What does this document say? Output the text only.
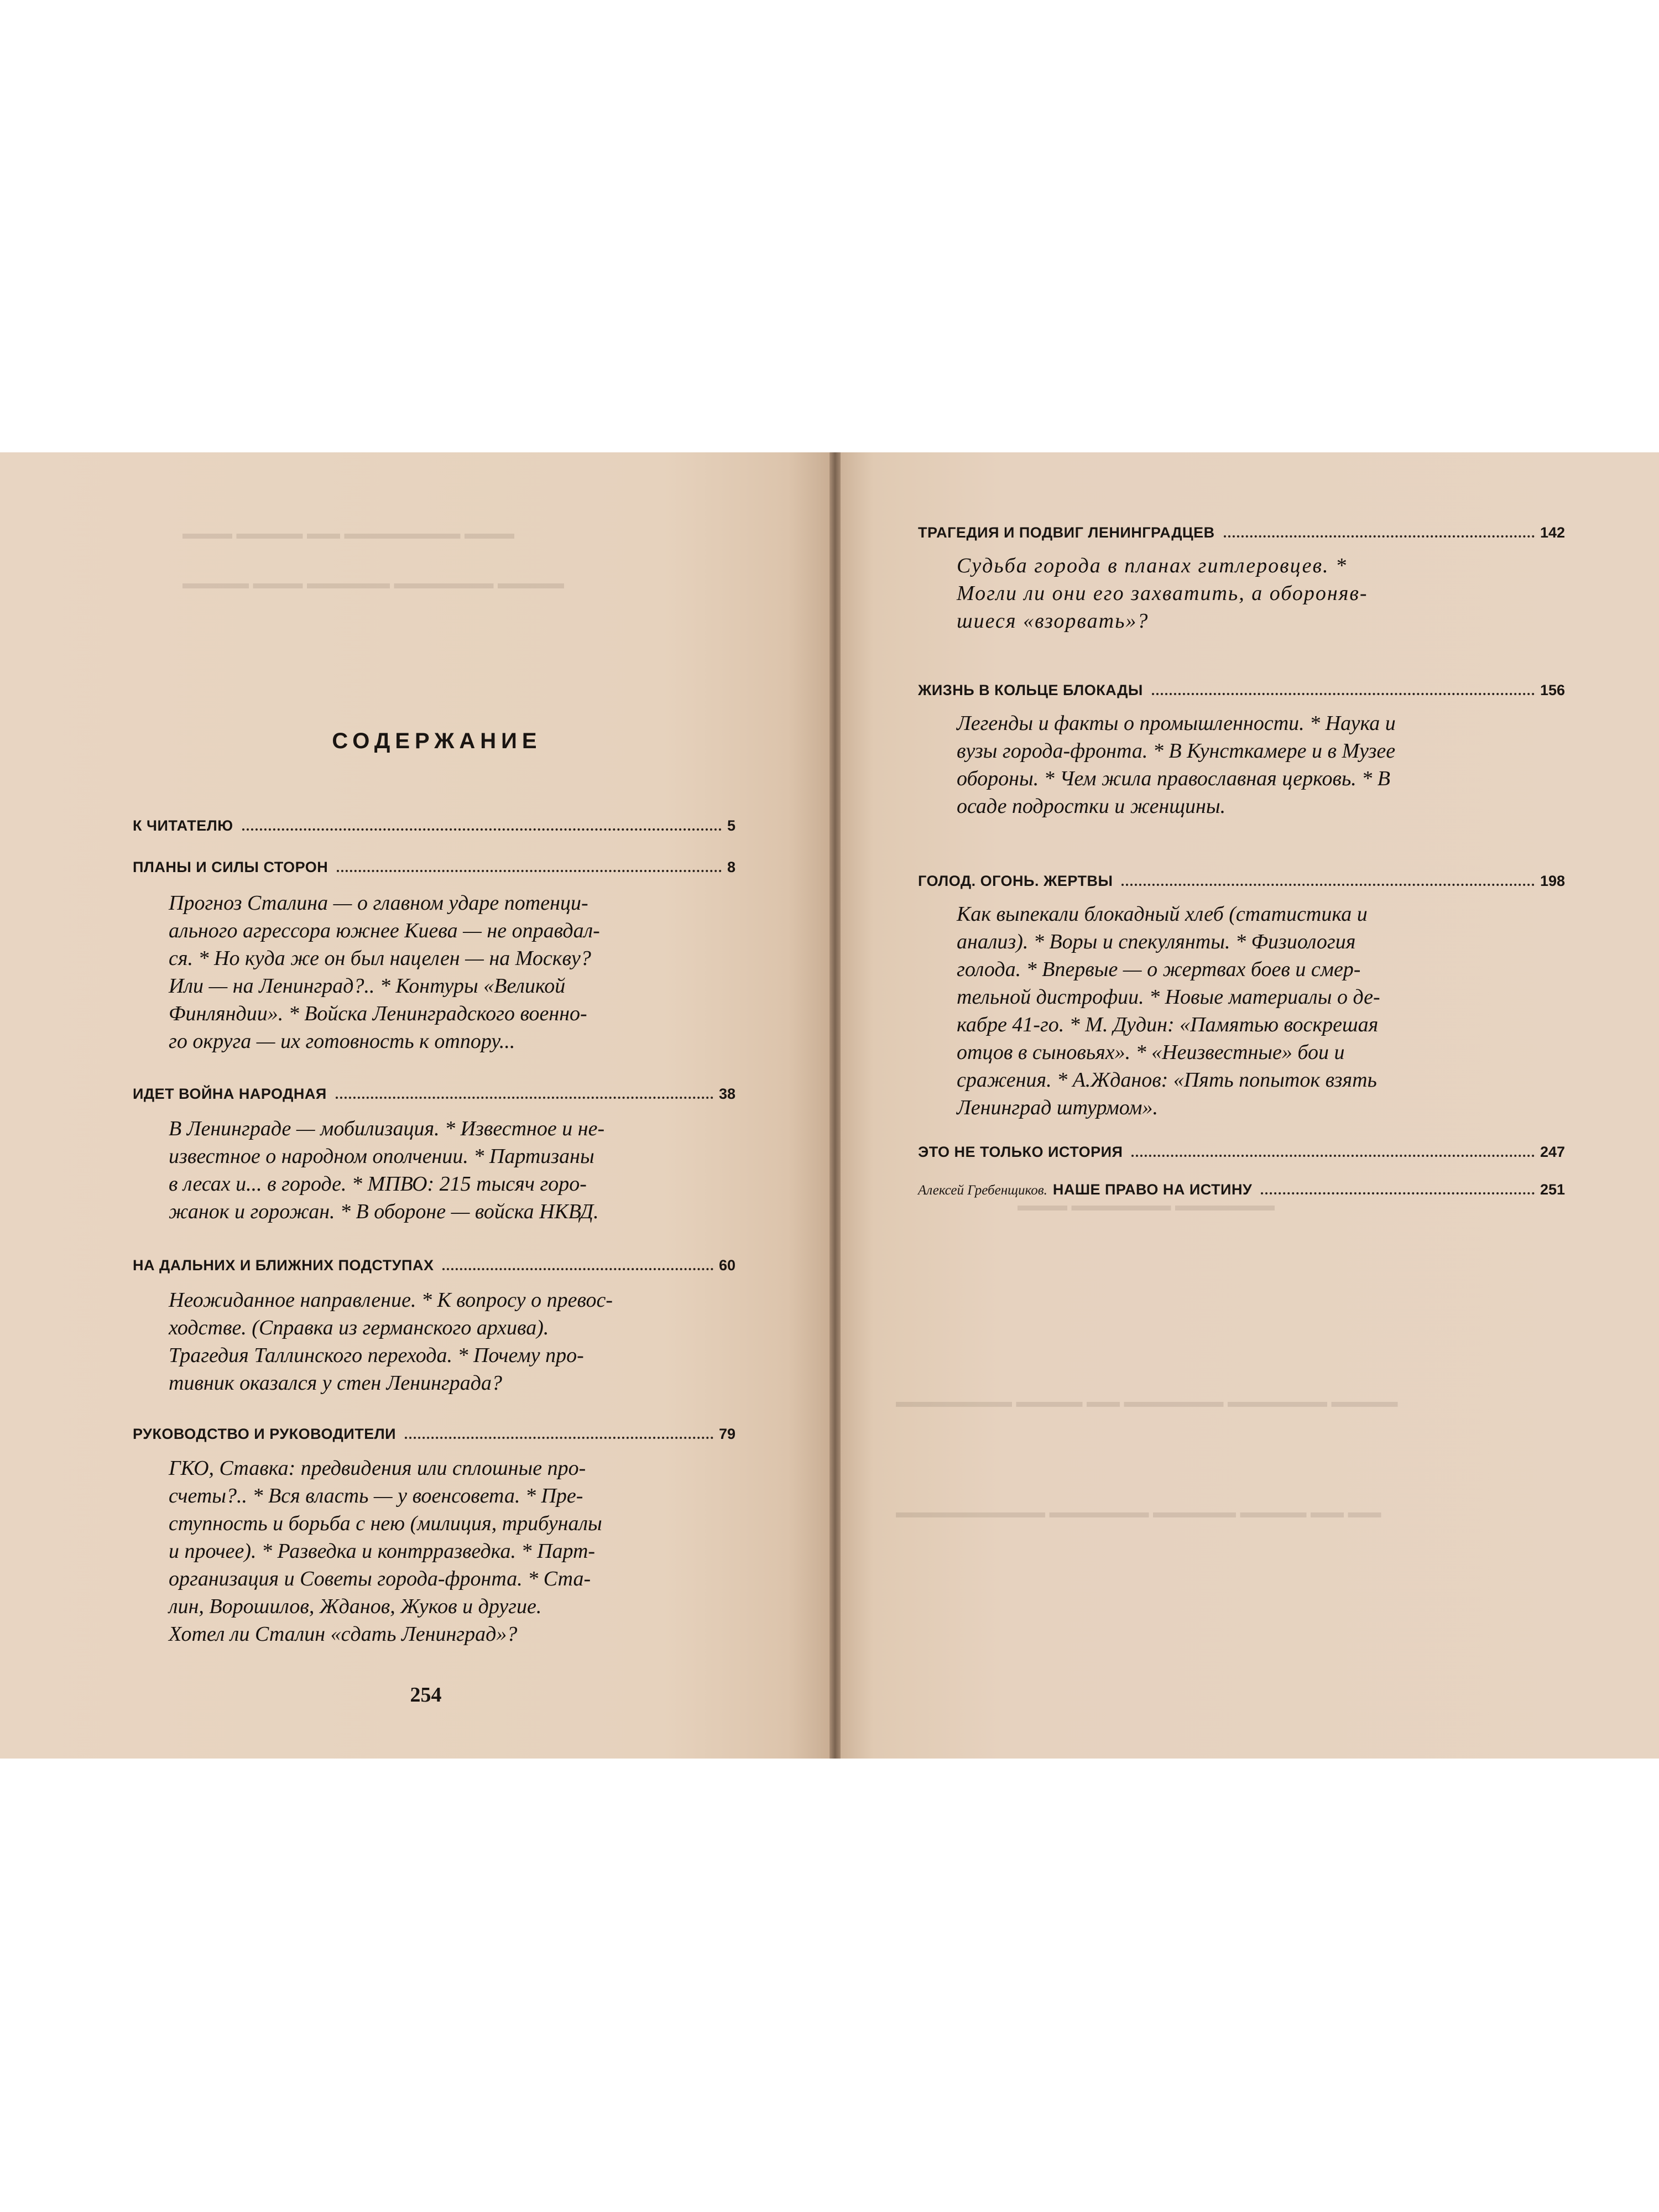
▬▬▬ ▬▬▬▬ ▬▬ ▬▬▬▬▬▬▬ ▬▬▬
▬▬▬▬ ▬▬▬ ▬▬▬▬▬ ▬▬▬▬▬▬ ▬▬▬▬
СОДЕРЖАНИЕ
К ЧИТАТЕЛЮ	5
ПЛАНЫ И СИЛЫ СТОРОН	8
Прогноз Сталина — о главном ударе потенци-
ального агрессора южнее Киева — не оправдал-
ся. * Но куда же он был нацелен — на Москву?
Или — на Ленинград?.. * Контуры «Великой
Финляндии». * Войска Ленинградского военно-
го округа — их готовность к отпору...
ИДЕТ ВОЙНА НАРОДНАЯ	38
В Ленинграде — мобилизация. * Известное и не-
известное о народном ополчении. * Партизаны
в лесах и... в городе. * МПВО: 215 тысяч горо-
жанок и горожан. * В обороне — войска НКВД.
НА ДАЛЬНИХ И БЛИЖНИХ ПОДСТУПАХ	60
Неожиданное направление. * К вопросу о превос-
ходстве. (Справка из германского архива).
Трагедия Таллинского перехода. * Почему про-
тивник оказался у стен Ленинграда?
РУКОВОДСТВО И РУКОВОДИТЕЛИ	79
ГКО, Ставка: предвидения или сплошные про-
счеты?.. * Вся власть — у военсовета. * Пре-
ступность и борьба с нею (милиция, трибуналы
и прочее). * Разведка и контрразведка. * Парт-
организация и Советы города-фронта. * Ста-
лин, Ворошилов, Жданов, Жуков и другие.
Хотел ли Сталин «сдать Ленинград»?
254
▬▬▬ ▬▬▬▬▬▬ ▬▬▬▬▬▬
▬▬▬▬▬▬▬ ▬▬▬▬ ▬▬ ▬▬▬▬▬▬ ▬▬▬▬▬▬ ▬▬▬▬
▬▬▬▬▬▬▬▬▬ ▬▬▬▬▬▬ ▬▬▬▬▬ ▬▬▬▬ ▬▬ ▬▬
ТРАГЕДИЯ И ПОДВИГ ЛЕНИНГРАДЦЕВ	142
Судьба города в планах гитлеровцев. *
Могли ли они его захватить, а обороняв-
шиеся «взорвать»?
ЖИЗНЬ В КОЛЬЦЕ БЛОКАДЫ	156
Легенды и факты о промышленности. * Наука и
вузы города-фронта. * В Кунсткамере и в Музее
обороны. * Чем жила православная церковь. * В
осаде подростки и женщины.
ГОЛОД. ОГОНЬ. ЖЕРТВЫ	198
Как выпекали блокадный хлеб (статистика и
анализ). * Воры и спекулянты. * Физиология
голода. * Впервые — о жертвах боев и смер-
тельной дистрофии. * Новые материалы о де-
кабре 41-го. * М. Дудин: «Памятью воскрешая
отцов в сыновьях». * «Неизвестные» бои и
сражения. * А.Жданов: «Пять попыток взять
Ленинград штурмом».
ЭТО НЕ ТОЛЬКО ИСТОРИЯ	247
Алексей Гребенщиков. НАШЕ ПРАВО НА ИСТИНУ	251
